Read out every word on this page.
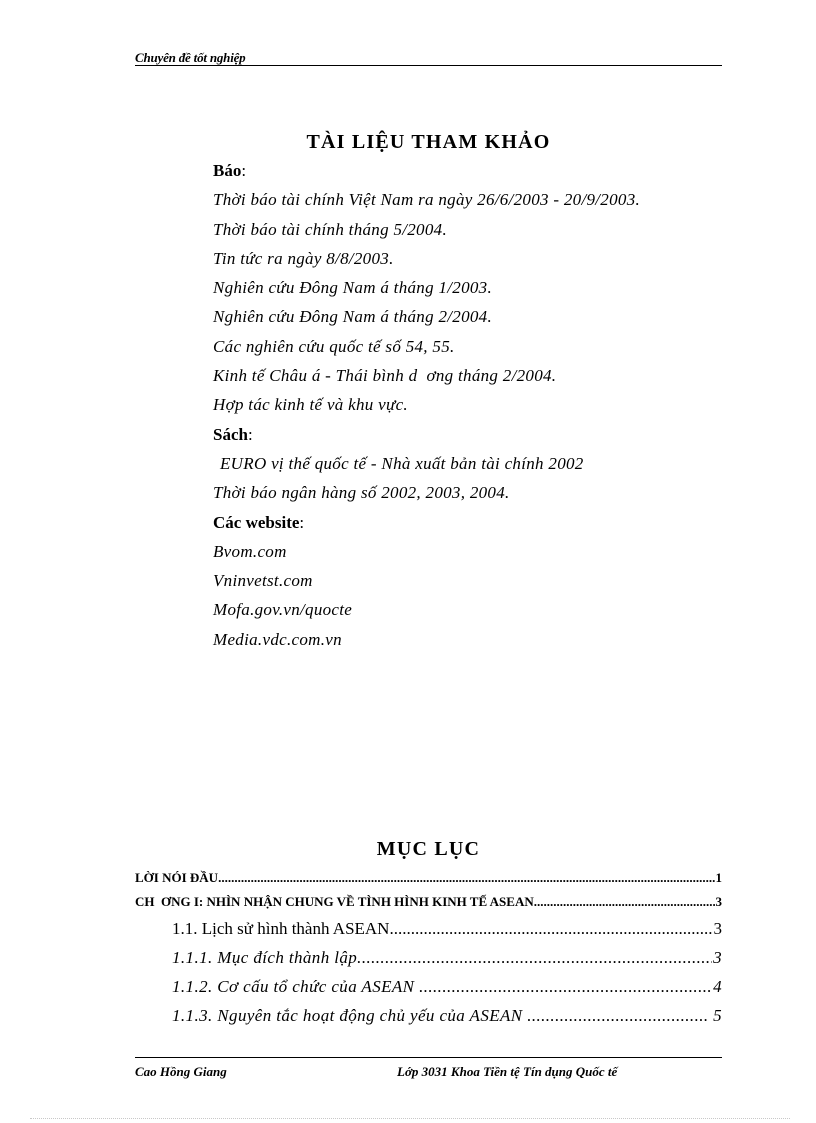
Chuyên đề tốt nghiệp
TÀI LIỆU THAM KHẢO
Báo:
Thời báo tài chính Việt Nam ra ngày 26/6/2003 - 20/9/2003.
Thời báo tài chính tháng 5/2004.
Tin tức ra ngày 8/8/2003.
Nghiên cứu Đông Nam á tháng 1/2003.
Nghiên cứu Đông Nam á tháng 2/2004.
Các nghiên cứu quốc tế số 54, 55.
Kinh tế Châu á - Thái bình d  ơng tháng 2/2004.
Hợp tác kinh tế và khu vực.
Sách:
EURO vị thế quốc tế - Nhà xuất bản tài chính 2002
Thời báo ngân hàng số 2002, 2003, 2004.
Các website:
Bvom.com
Vninvetst.com
Mofa.gov.vn/quocte
Media.vdc.com.vn
MỤC LỤC
LỜI NÓI ĐẦU .....	1
CH  ƠNG I: NHÌN NHẬN CHUNG VỀ TÌNH HÌNH KINH TẾ ASEAN .....	3
1.1. Lịch sử hình thành ASEAN .....	3
1.1.1. Mục đích thành lập .....	3
1.1.2. Cơ cấu tổ chức của ASEAN .....	4
1.1.3. Nguyên tắc hoạt động chủ yếu của ASEAN .....	5
Cao Hồng Giang	Lớp 3031 Khoa Tiền tệ Tín dụng Quốc tế
